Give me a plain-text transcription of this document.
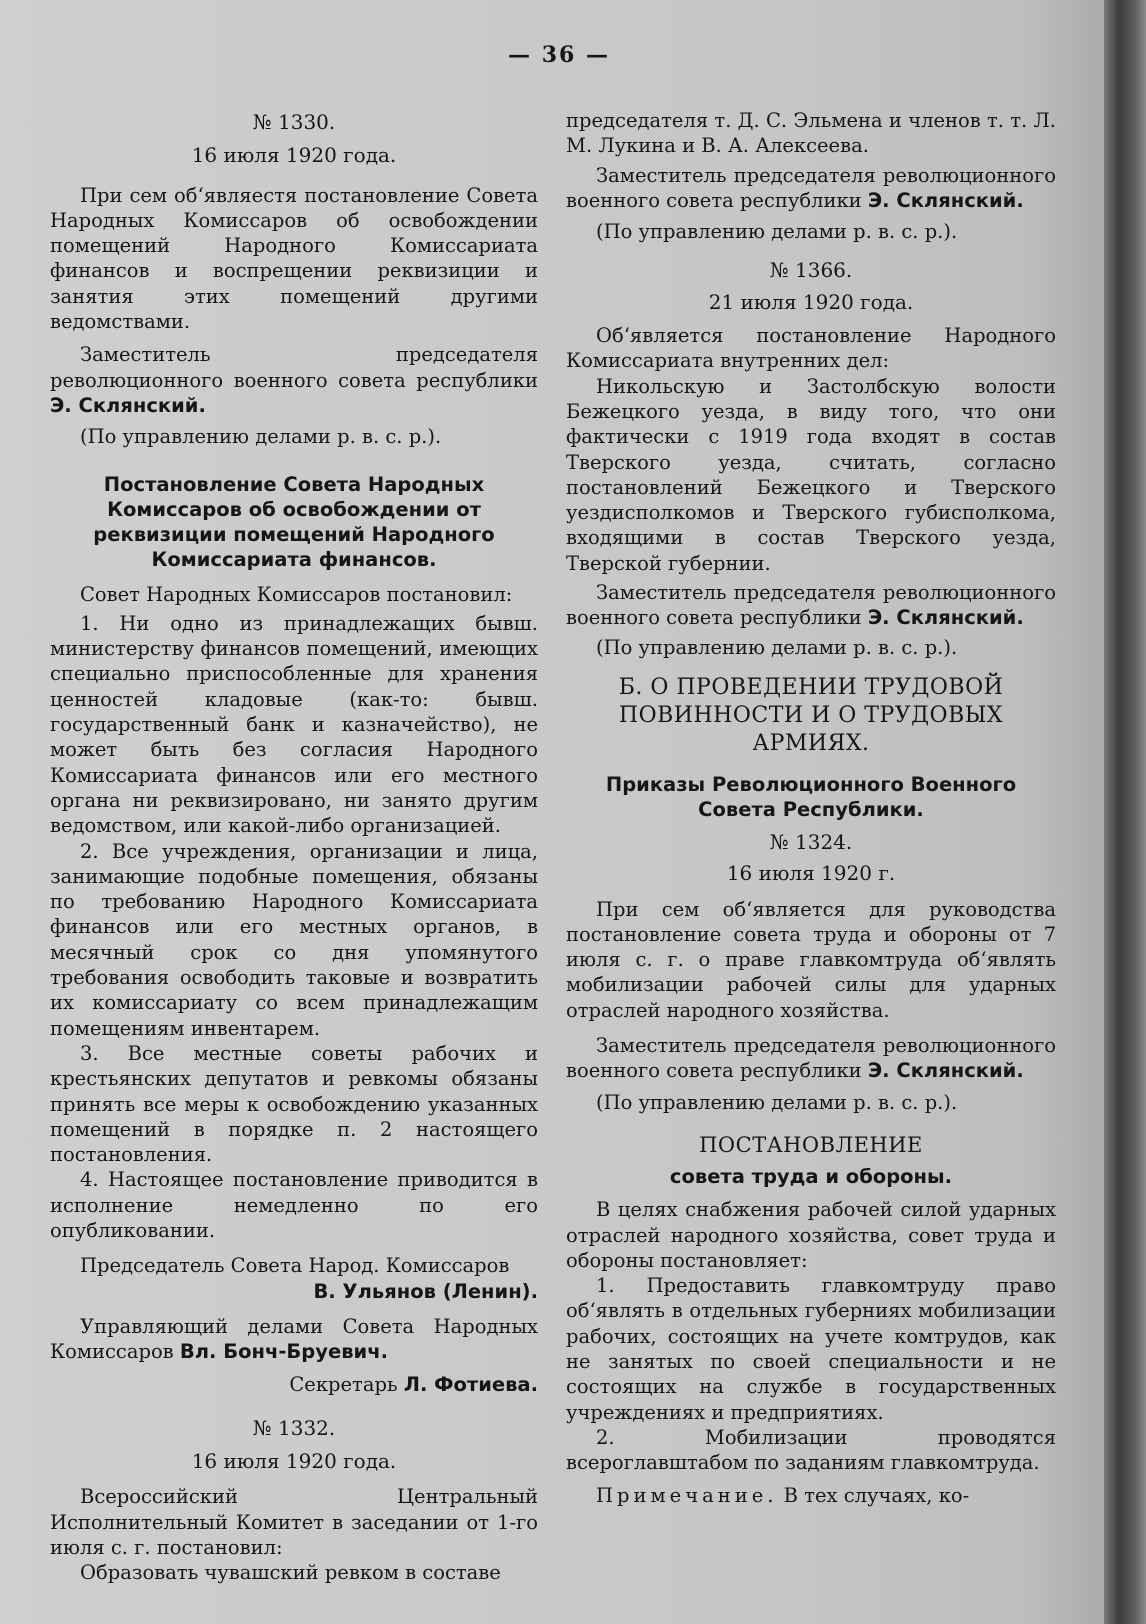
— 36 —

№ 1330.

16 июля 1920 года.

При сем об‘являестя постановление Совета Народных Комиссаров об освобождении помещений Народного Комиссариата финансов и воспрещении реквизиции и занятия этих помещений другими ведомствами.

Заместитель председателя революционного военного совета республики Э. Склянский.

(По управлению делами р. в. с. р.).

Постановление Совета Народных Комиссаров об освобождении от реквизиции помещений Народного Комиссариата финансов.

Совет Народных Комиссаров постановил:

1. Ни одно из принадлежащих бывш. министерству финансов помещений, имеющих специально приспособленные для хранения ценностей кладовые (как-то: бывш. государственный банк и казначейство), не может быть без согласия Народного Комиссариата финансов или его местного органа ни реквизировано, ни занято другим ведомством, или какой-либо организацией.

2. Все учреждения, организации и лица, занимающие подобные помещения, обязаны по требованию Народного Комиссариата финансов или его местных органов, в месячный срок со дня упомянутого требования освободить таковые и возвратить их комиссариату со всем принадлежащим помещениям инвентарем.

3. Все местные советы рабочих и крестьянских депутатов и ревкомы обязаны принять все меры к освобождению указанных помещений в порядке п. 2 настоящего постановления.

4. Настоящее постановление приводится в исполнение немедленно по его опубликовании.

Председатель Совета Народ. Комиссаров

В. Ульянов (Ленин).

Управляющий делами Совета Народных Комиссаров Вл. Бонч-Бруевич.

Секретарь Л. Фотиева.

№ 1332.

16 июля 1920 года.

Всероссийский Центральный Исполнительный Комитет в заседании от 1-го июля с. г. постановил:

Образовать чувашский ревком в составе

председателя т. Д. С. Эльмена и членов т. т. Л. М. Лукина и В. А. Алексеева.

Заместитель председателя революционного военного совета республики Э. Склянский.

(По управлению делами р. в. с. р.).

№ 1366.

21 июля 1920 года.

Об‘является постановление Народного Комиссариата внутренних дел:

Никольскую и Застолбскую волости Бежецкого уезда, в виду того, что они фактически с 1919 года входят в состав Тверского уезда, считать, согласно постановлений Бежецкого и Тверского уездисполкомов и Тверского губисполкома, входящими в состав Тверского уезда, Тверской губернии.

Заместитель председателя революционного военного совета республики Э. Склянский.

(По управлению делами р. в. с. р.).

Б. О ПРОВЕДЕНИИ ТРУДОВОЙ ПОВИННОСТИ И О ТРУДОВЫХ АРМИЯХ.

Приказы Революционного Военного Совета Республики.

№ 1324.

16 июля 1920 г.

При сем об‘является для руководства постановление совета труда и обороны от 7 июля с. г. о праве главкомтруда об‘являть мобилизации рабочей силы для ударных отраслей народного хозяйства.

Заместитель председателя революционного военного совета республики Э. Склянский.

(По управлению делами р. в. с. р.).

ПОСТАНОВЛЕНИЕ

совета труда и обороны.

В целях снабжения рабочей силой ударных отраслей народного хозяйства, совет труда и обороны постановляет:

1. Предоставить главкомтруду право об‘являть в отдельных губерниях мобилизации рабочих, состоящих на учете комтрудов, как не занятых по своей специальности и не состоящих на службе в государственных учреждениях и предприятиях.

2. Мобилизации проводятся всероглавштабом по заданиям главкомтруда.

Примечание. В тех случаях, ко-
